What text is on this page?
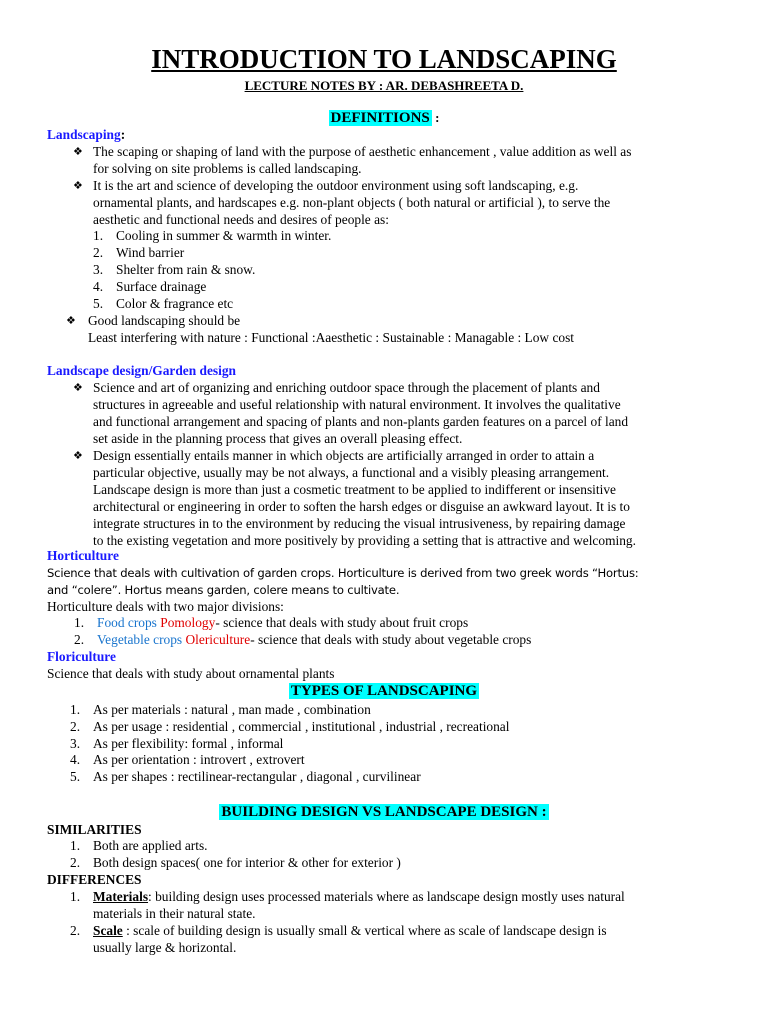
INTRODUCTION TO LANDSCAPING
LECTURE NOTES BY : AR. DEBASHREETA D.
DEFINITIONS :
Landscaping:
❖ The scaping or shaping of land with the purpose of aesthetic enhancement , value addition as well as
for solving on site problems is called landscaping.
❖ It is the art and science of developing the outdoor environment using soft landscaping, e.g.
ornamental plants, and hardscapes e.g. non-plant objects ( both natural or artificial ), to serve the
aesthetic and functional needs and desires of people as:
1. Cooling in summer & warmth in winter.
2. Wind barrier
3. Shelter from rain & snow.
4. Surface drainage
5. Color & fragrance etc
❖ Good landscaping should be
Least interfering with nature : Functional :Aaesthetic : Sustainable : Managable : Low cost
Landscape design/Garden design
❖ Science and art of organizing and enriching outdoor space through the placement of plants and
structures in agreeable and useful relationship with natural environment. It involves the qualitative
and functional arrangement and spacing of plants and non-plants garden features on a parcel of land
set aside in the planning process that gives an overall pleasing effect.
❖ Design essentially entails manner in which objects are artificially arranged in order to attain a
particular objective, usually may be not always, a functional and a visibly pleasing arrangement.
Landscape design is more than just a cosmetic treatment to be applied to indifferent or insensitive
architectural or engineering in order to soften the harsh edges or disguise an awkward layout. It is to
integrate structures in to the environment by reducing the visual intrusiveness, by repairing damage
to the existing vegetation and more positively by providing a setting that is attractive and welcoming.
Horticulture
Science that deals with cultivation of garden crops. Horticulture is derived from two greek words “Hortus:
and “colere”. Hortus means garden, colere means to cultivate.
Horticulture deals with two major divisions:
1. Food crops Pomology- science that deals with study about fruit crops
2. Vegetable crops Olericulture- science that deals with study about vegetable crops
Floriculture
Science that deals with study about ornamental plants
TYPES OF LANDSCAPING
1. As per materials : natural , man made , combination
2. As per usage : residential , commercial , institutional , industrial , recreational
3. As per flexibility: formal , informal
4. As per orientation : introvert , extrovert
5. As per shapes : rectilinear-rectangular , diagonal , curvilinear
BUILDING DESIGN VS LANDSCAPE DESIGN :
SIMILARITIES
1. Both are applied arts.
2. Both design spaces( one for interior & other for exterior )
DIFFERENCES
1. Materials: building design uses processed materials where as landscape design mostly uses natural
materials in their natural state.
2. Scale : scale of building design is usually small & vertical where as scale of landscape design is
usually large & horizontal.
